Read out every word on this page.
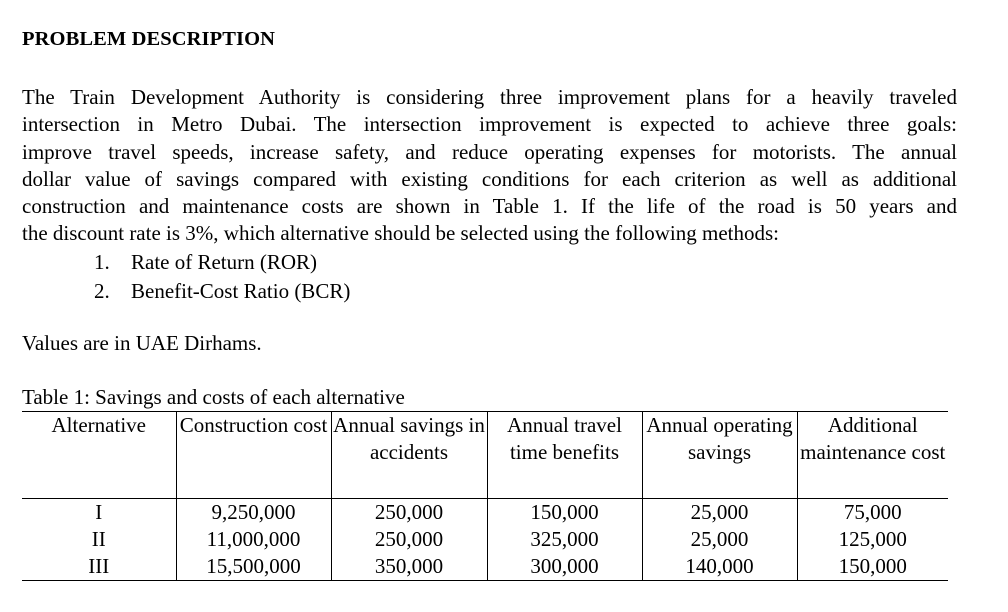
PROBLEM DESCRIPTION
The Train Development Authority is considering three improvement plans for a heavily traveled
intersection in Metro Dubai. The intersection improvement is expected to achieve three goals:
improve travel speeds, increase safety, and reduce operating expenses for motorists. The annual
dollar value of savings compared with existing conditions for each criterion as well as additional
construction and maintenance costs are shown in Table 1. If the life of the road is 50 years and
the discount rate is 3%, which alternative should be selected using the following methods:
1. Rate of Return (ROR)
2. Benefit-Cost Ratio (BCR)
Values are in UAE Dirhams.
Table 1: Savings and costs of each alternative
Alternative	Construction cost	Annual savings in accidents	Annual travel time benefits	Annual operating savings	Additional maintenance cost
I	9,250,000	250,000	150,000	25,000	75,000
II	11,000,000	250,000	325,000	25,000	125,000
III	15,500,000	350,000	300,000	140,000	150,000
